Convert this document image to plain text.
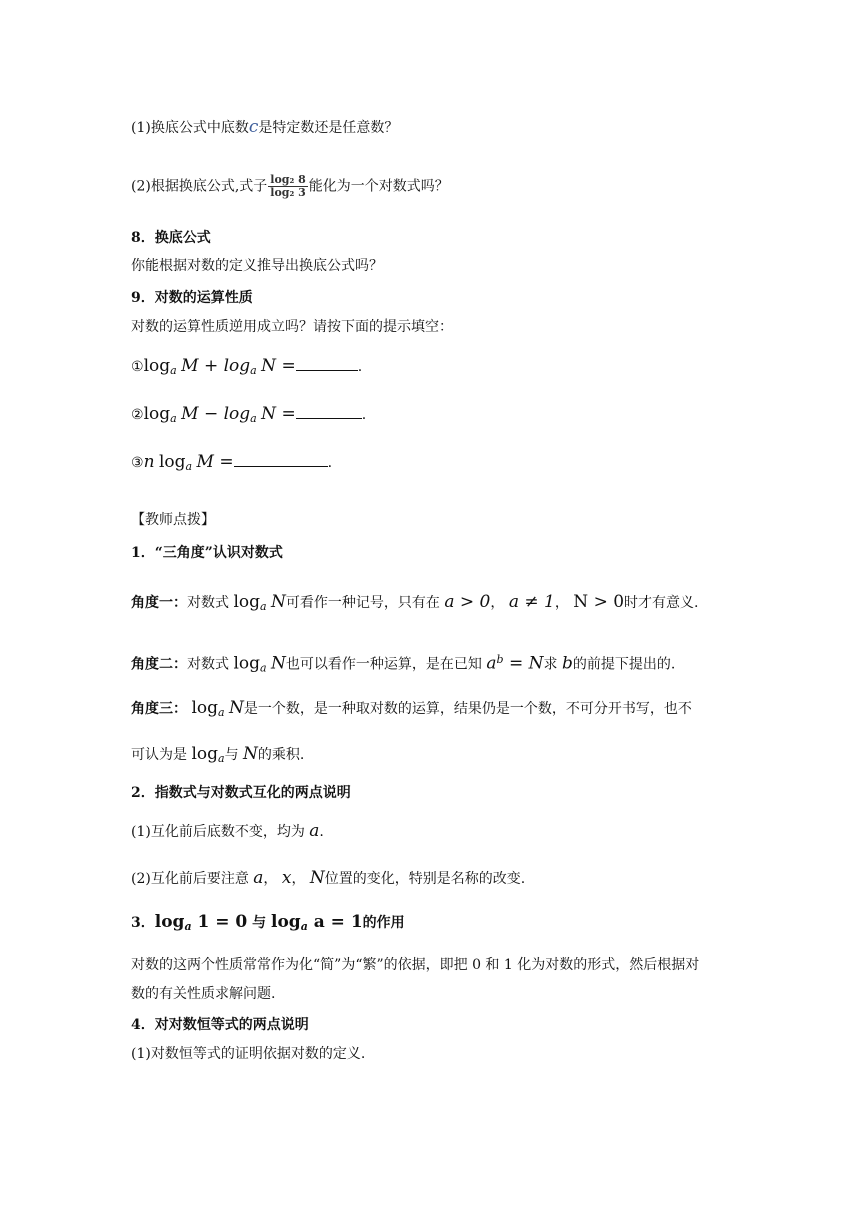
(1)换底公式中底数c是特定数还是任意数？
(2)根据换底公式,式子 $\frac{\text{log₂ 8}}{\text{log₂ 3}}$ 能化为一个对数式吗？
8．换底公式
你能根据对数的定义推导出换底公式吗？
9．对数的运算性质
对数的运算性质逆用成立吗？请按下面的提示填空：
$①\log_a$ $M + \log_a N$ =	.
$②\log_a$ $M - \log_a N$ =	.
③n $\log_a M$ =	.
【教师点拨】
1．“三角度”认识对数式
角度一：对数式 $\log_a N$可看作一种记号，只有在 a > 0， a ≠ 1， N > 0时才有意义.
角度二：对数式 $\log_a N$也可以看作一种运算，是在已知 $a^b = N$求 b的前提下提出的.
角度三： $\log_a N$是一个数，是一种取对数的运算，结果仍是一个数，不可分开书写，也不
可认为是 $\log_a$与 N的乘积.
2．指数式与对数式互化的两点说明
(1)互化前后底数不变，均为 a.
(2)互化前后要注意 a， x， N位置的变化，特别是名称的改变.
3．$\log_a 1 = 0$ 与 $\log_a a = 1$的作用
对数的这两个性质常常作为化“简”为“繁”的依据，即把 0 和 1 化为对数的形式，然后根据对
数的有关性质求解问题.
4．对对数恒等式的两点说明
(1)对数恒等式的证明依据对数的定义.
